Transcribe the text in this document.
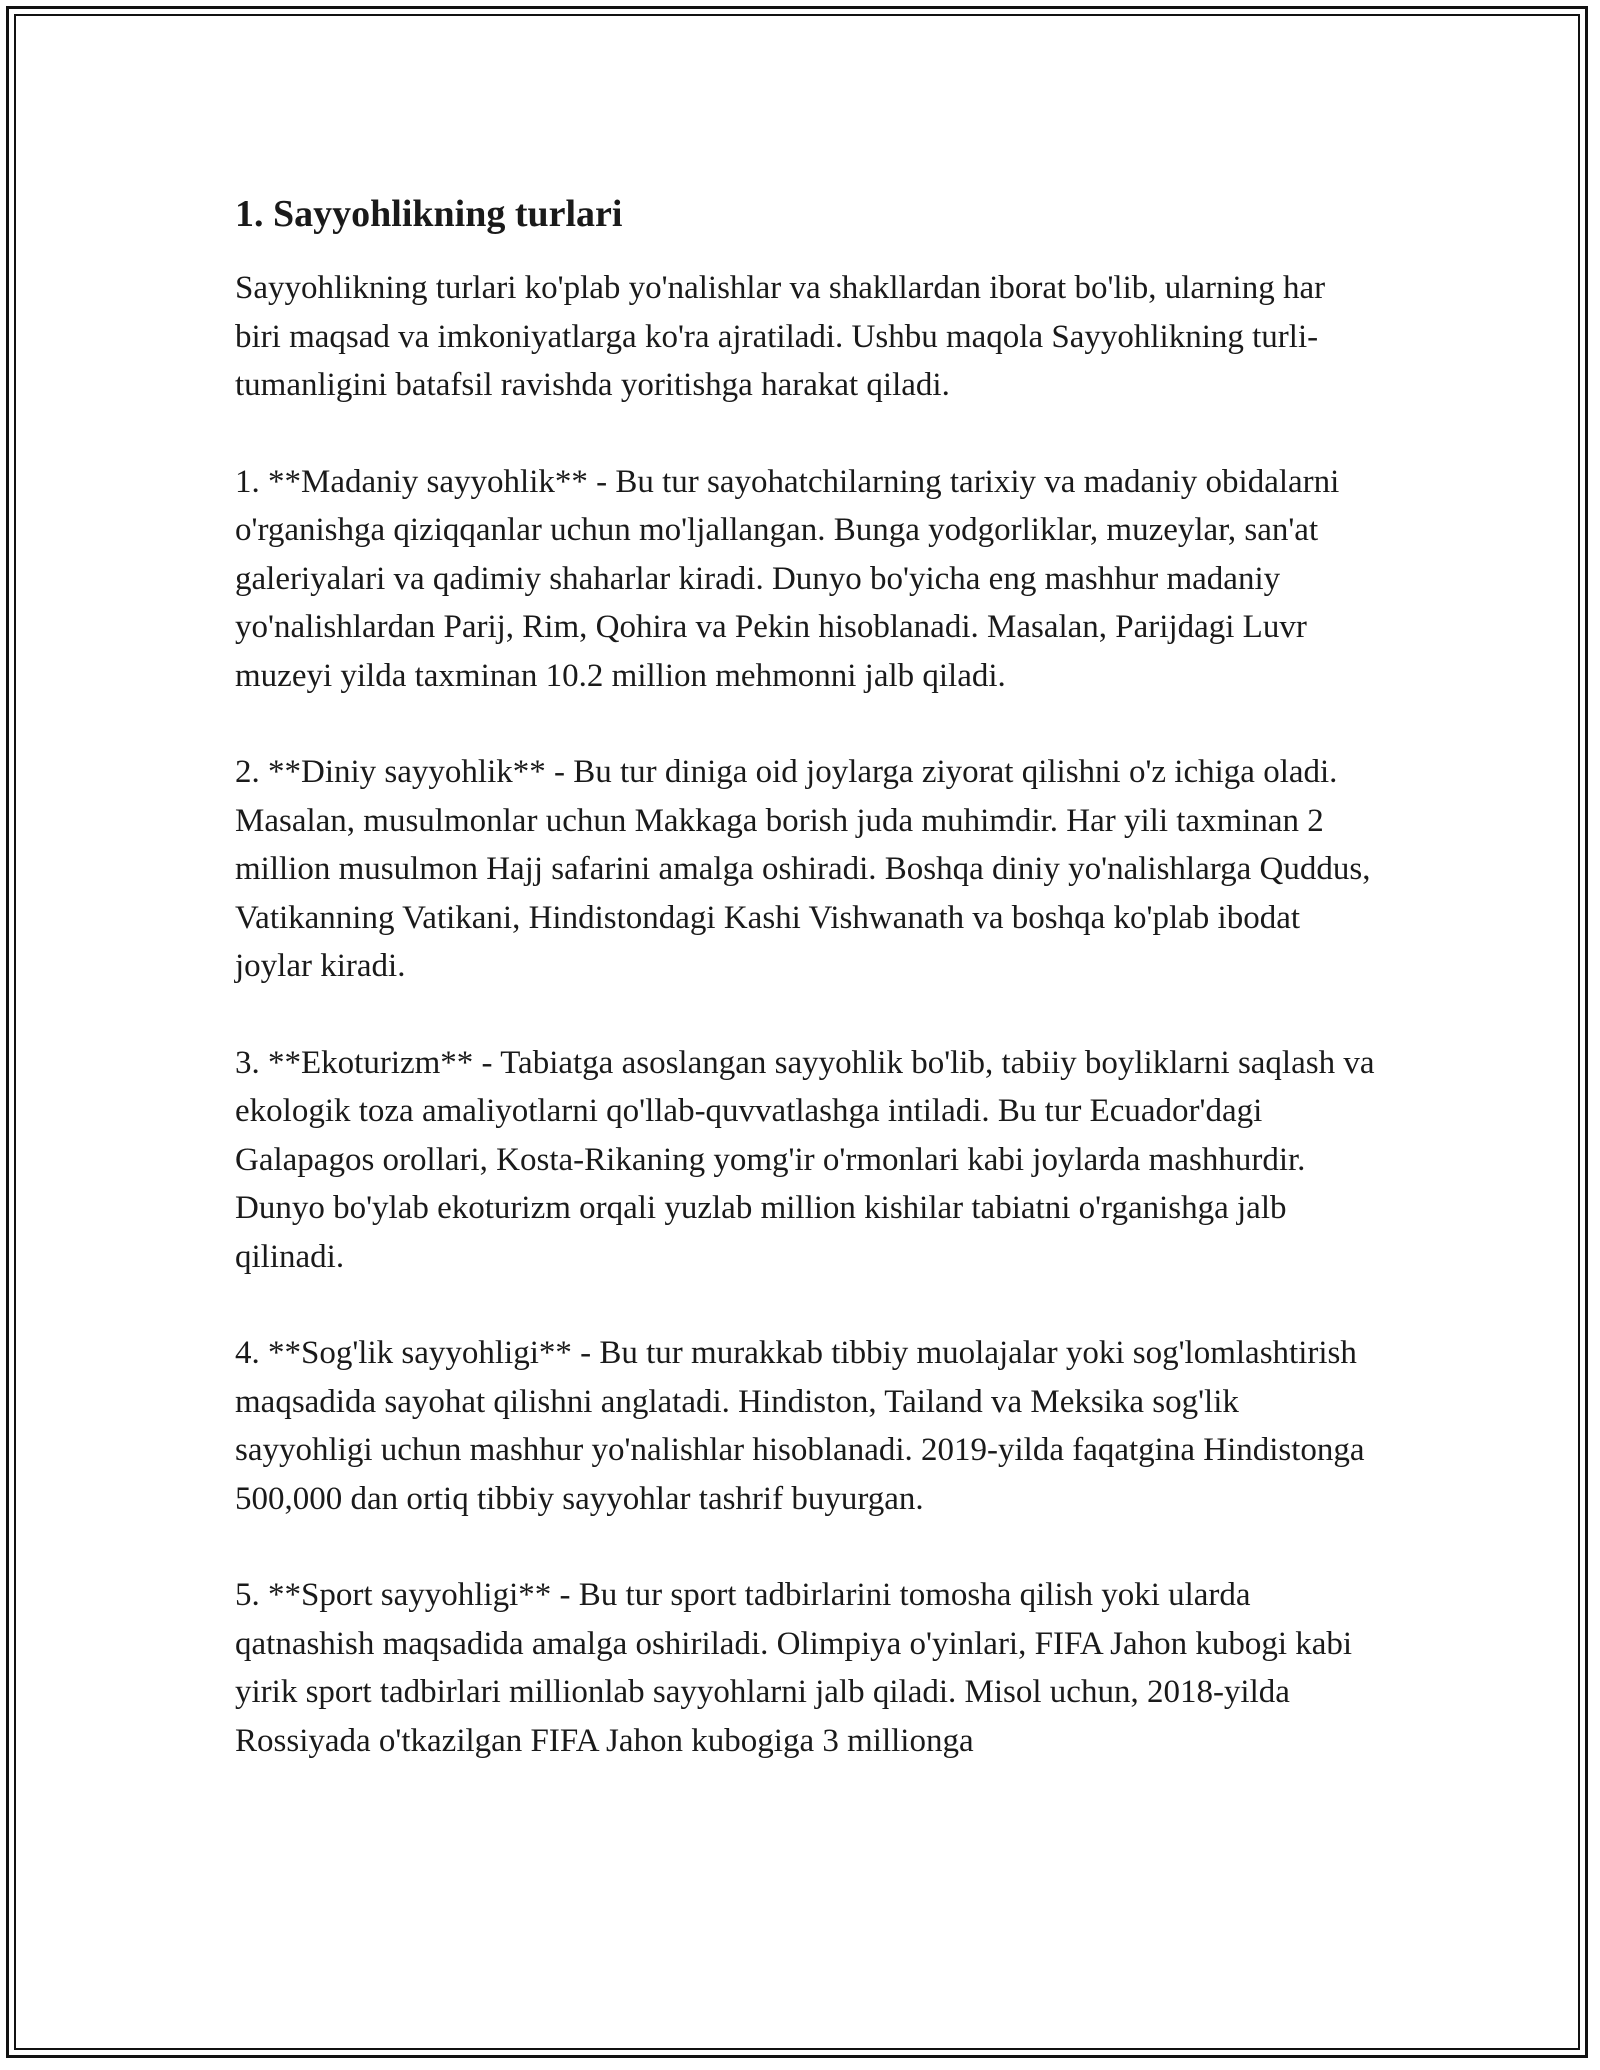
1. Sayyohlikning turlari

Sayyohlikning turlari ko'plab yo'nalishlar va shakllardan iborat bo'lib, ularning har biri maqsad va imkoniyatlarga ko'ra ajratiladi. Ushbu maqola Sayyohlikning turli-tumanligini batafsil ravishda yoritishga harakat qiladi.

1. **Madaniy sayyohlik** - Bu tur sayohatchilarning tarixiy va madaniy obidalarni o'rganishga qiziqqanlar uchun mo'ljallangan. Bunga yodgorliklar, muzeylar, san'at galeriyalari va qadimiy shaharlar kiradi. Dunyo bo'yicha eng mashhur madaniy yo'nalishlardan Parij, Rim, Qohira va Pekin hisoblanadi. Masalan, Parijdagi Luvr muzeyi yilda taxminan 10.2 million mehmonni jalb qiladi.

2. **Diniy sayyohlik** - Bu tur diniga oid joylarga ziyorat qilishni o'z ichiga oladi. Masalan, musulmonlar uchun Makkaga borish juda muhimdir. Har yili taxminan 2 million musulmon Hajj safarini amalga oshiradi. Boshqa diniy yo'nalishlarga Quddus, Vatikanning Vatikani, Hindistondagi Kashi Vishwanath va boshqa ko'plab ibodat joylar kiradi.

3. **Ekoturizm** - Tabiatga asoslangan sayyohlik bo'lib, tabiiy boyliklarni saqlash va ekologik toza amaliyotlarni qo'llab-quvvatlashga intiladi. Bu tur Ecuador'dagi Galapagos orollari, Kosta-Rikaning yomg'ir o'rmonlari kabi joylarda mashhurdir. Dunyo bo'ylab ekoturizm orqali yuzlab million kishilar tabiatni o'rganishga jalb qilinadi.

4. **Sog'lik sayyohligi** - Bu tur murakkab tibbiy muolajalar yoki sog'lomlashtirish maqsadida sayohat qilishni anglatadi. Hindiston, Tailand va Meksika sog'lik sayyohligi uchun mashhur yo'nalishlar hisoblanadi. 2019-yilda faqatgina Hindistonga 500,000 dan ortiq tibbiy sayyohlar tashrif buyurgan.

5. **Sport sayyohligi** - Bu tur sport tadbirlarini tomosha qilish yoki ularda qatnashish maqsadida amalga oshiriladi. Olimpiya o'yinlari, FIFA Jahon kubogi kabi yirik sport tadbirlari millionlab sayyohlarni jalb qiladi. Misol uchun, 2018-yilda Rossiyada o'tkazilgan FIFA Jahon kubogiga 3 millionga
